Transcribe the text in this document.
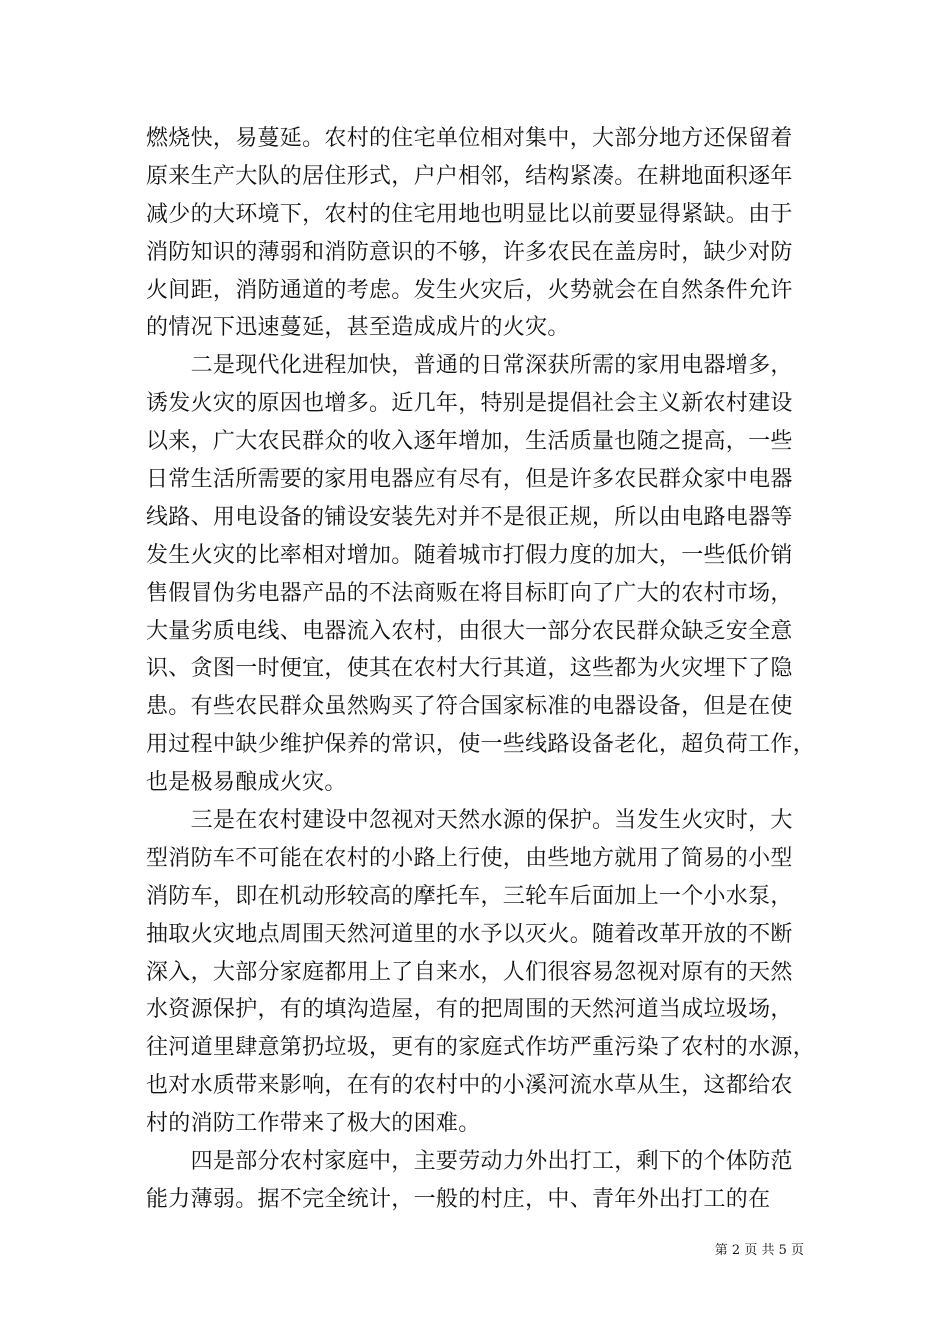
燃烧快，易蔓延。农村的住宅单位相对集中，大部分地方还保留着
原来生产大队的居住形式，户户相邻，结构紧凑。在耕地面积逐年
减少的大环境下，农村的住宅用地也明显比以前要显得紧缺。由于
消防知识的薄弱和消防意识的不够，许多农民在盖房时，缺少对防
火间距，消防通道的考虑。发生火灾后，火势就会在自然条件允许
的情况下迅速蔓延，甚至造成成片的火灾。
　　二是现代化进程加快，普通的日常深获所需的家用电器增多，
诱发火灾的原因也增多。近几年，特别是提倡社会主义新农村建设
以来，广大农民群众的收入逐年增加，生活质量也随之提高，一些
日常生活所需要的家用电器应有尽有，但是许多农民群众家中电器
线路、用电设备的铺设安装先对并不是很正规，所以由电路电器等
发生火灾的比率相对增加。随着城市打假力度的加大，一些低价销
售假冒伪劣电器产品的不法商贩在将目标盯向了广大的农村市场，
大量劣质电线、电器流入农村，由很大一部分农民群众缺乏安全意
识、贪图一时便宜，使其在农村大行其道，这些都为火灾埋下了隐
患。有些农民群众虽然购买了符合国家标准的电器设备，但是在使
用过程中缺少维护保养的常识，使一些线路设备老化，超负荷工作，
也是极易酿成火灾。
　　三是在农村建设中忽视对天然水源的保护。当发生火灾时，大
型消防车不可能在农村的小路上行使，由些地方就用了简易的小型
消防车，即在机动形较高的摩托车，三轮车后面加上一个小水泵，
抽取火灾地点周围天然河道里的水予以灭火。随着改革开放的不断
深入，大部分家庭都用上了自来水，人们很容易忽视对原有的天然
水资源保护，有的填沟造屋，有的把周围的天然河道当成垃圾场，
往河道里肆意第扔垃圾，更有的家庭式作坊严重污染了农村的水源，
也对水质带来影响，在有的农村中的小溪河流水草从生，这都给农
村的消防工作带来了极大的困难。
　　四是部分农村家庭中，主要劳动力外出打工，剩下的个体防范
能力薄弱。据不完全统计，一般的村庄，中、青年外出打工的在
第 2 页 共 5 页
